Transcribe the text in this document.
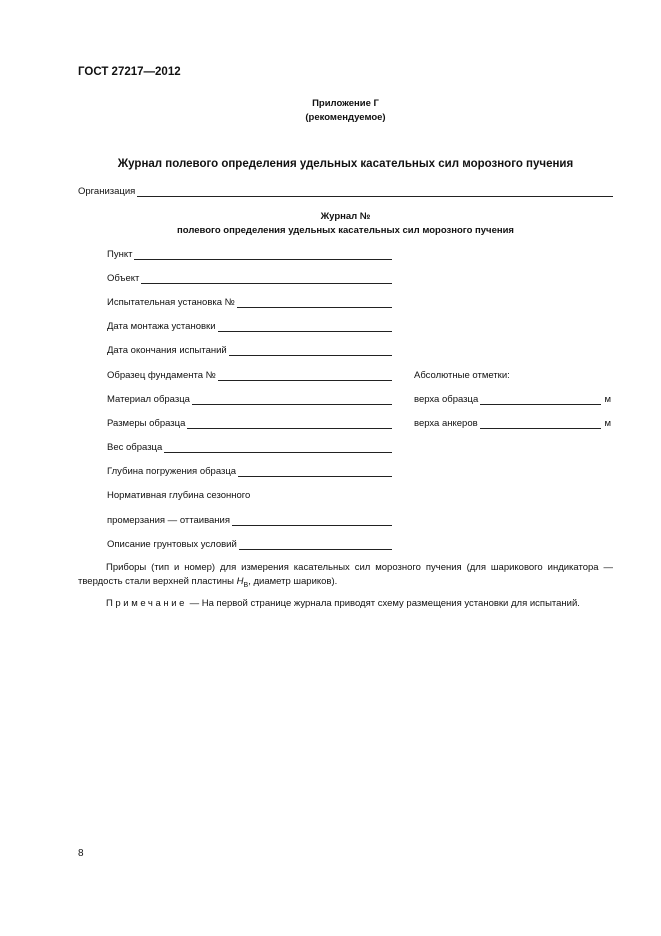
ГОСТ 27217—2012
Приложение Г
(рекомендуемое)
Журнал полевого определения удельных касательных сил морозного пучения
Организация
Журнал №
полевого определения удельных касательных сил морозного пучения
Пункт
Объект
Испытательная установка №
Дата монтажа установки
Дата окончания испытаний
Образец фундамента №	Абсолютные отметки:
Материал образца	верха образца	м
Размеры образца	верха анкеров	м
Вес образца
Глубина погружения образца
Нормативная глубина сезонного
промерзания — оттаивания
Описание грунтовых условий
Приборы (тип и номер) для измерения касательных сил морозного пучения (для шарикового индикатора — твердость стали верхней пластины $H_B$, диаметр шариков).
Примечание — На первой странице журнала приводят схему размещения установки для испытаний.
8
